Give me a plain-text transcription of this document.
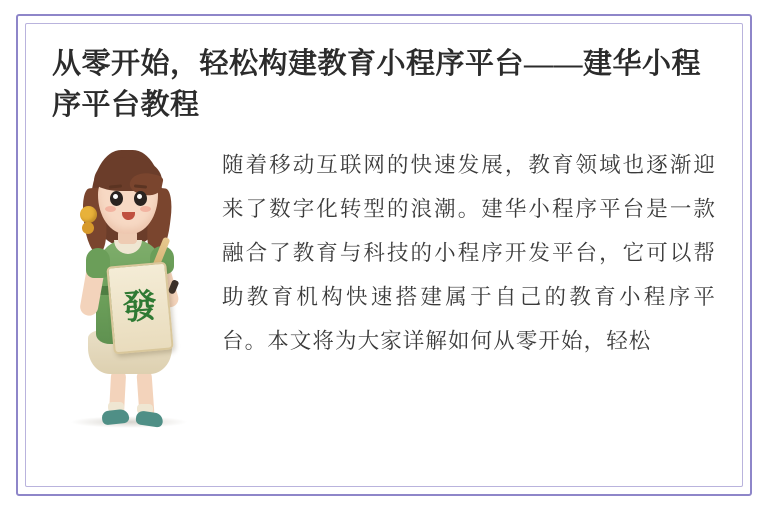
从零开始，轻松构建教育小程序平台——建华小程序平台教程
發
随着移动互联网的快速发展，教育领域也逐渐迎来了数字化转型的浪潮。建华小程序平台是一款融合了教育与科技的小程序开发平台，它可以帮助教育机构快速搭建属于自己的教育小程序平台。本文将为大家详解如何从零开始，轻松
